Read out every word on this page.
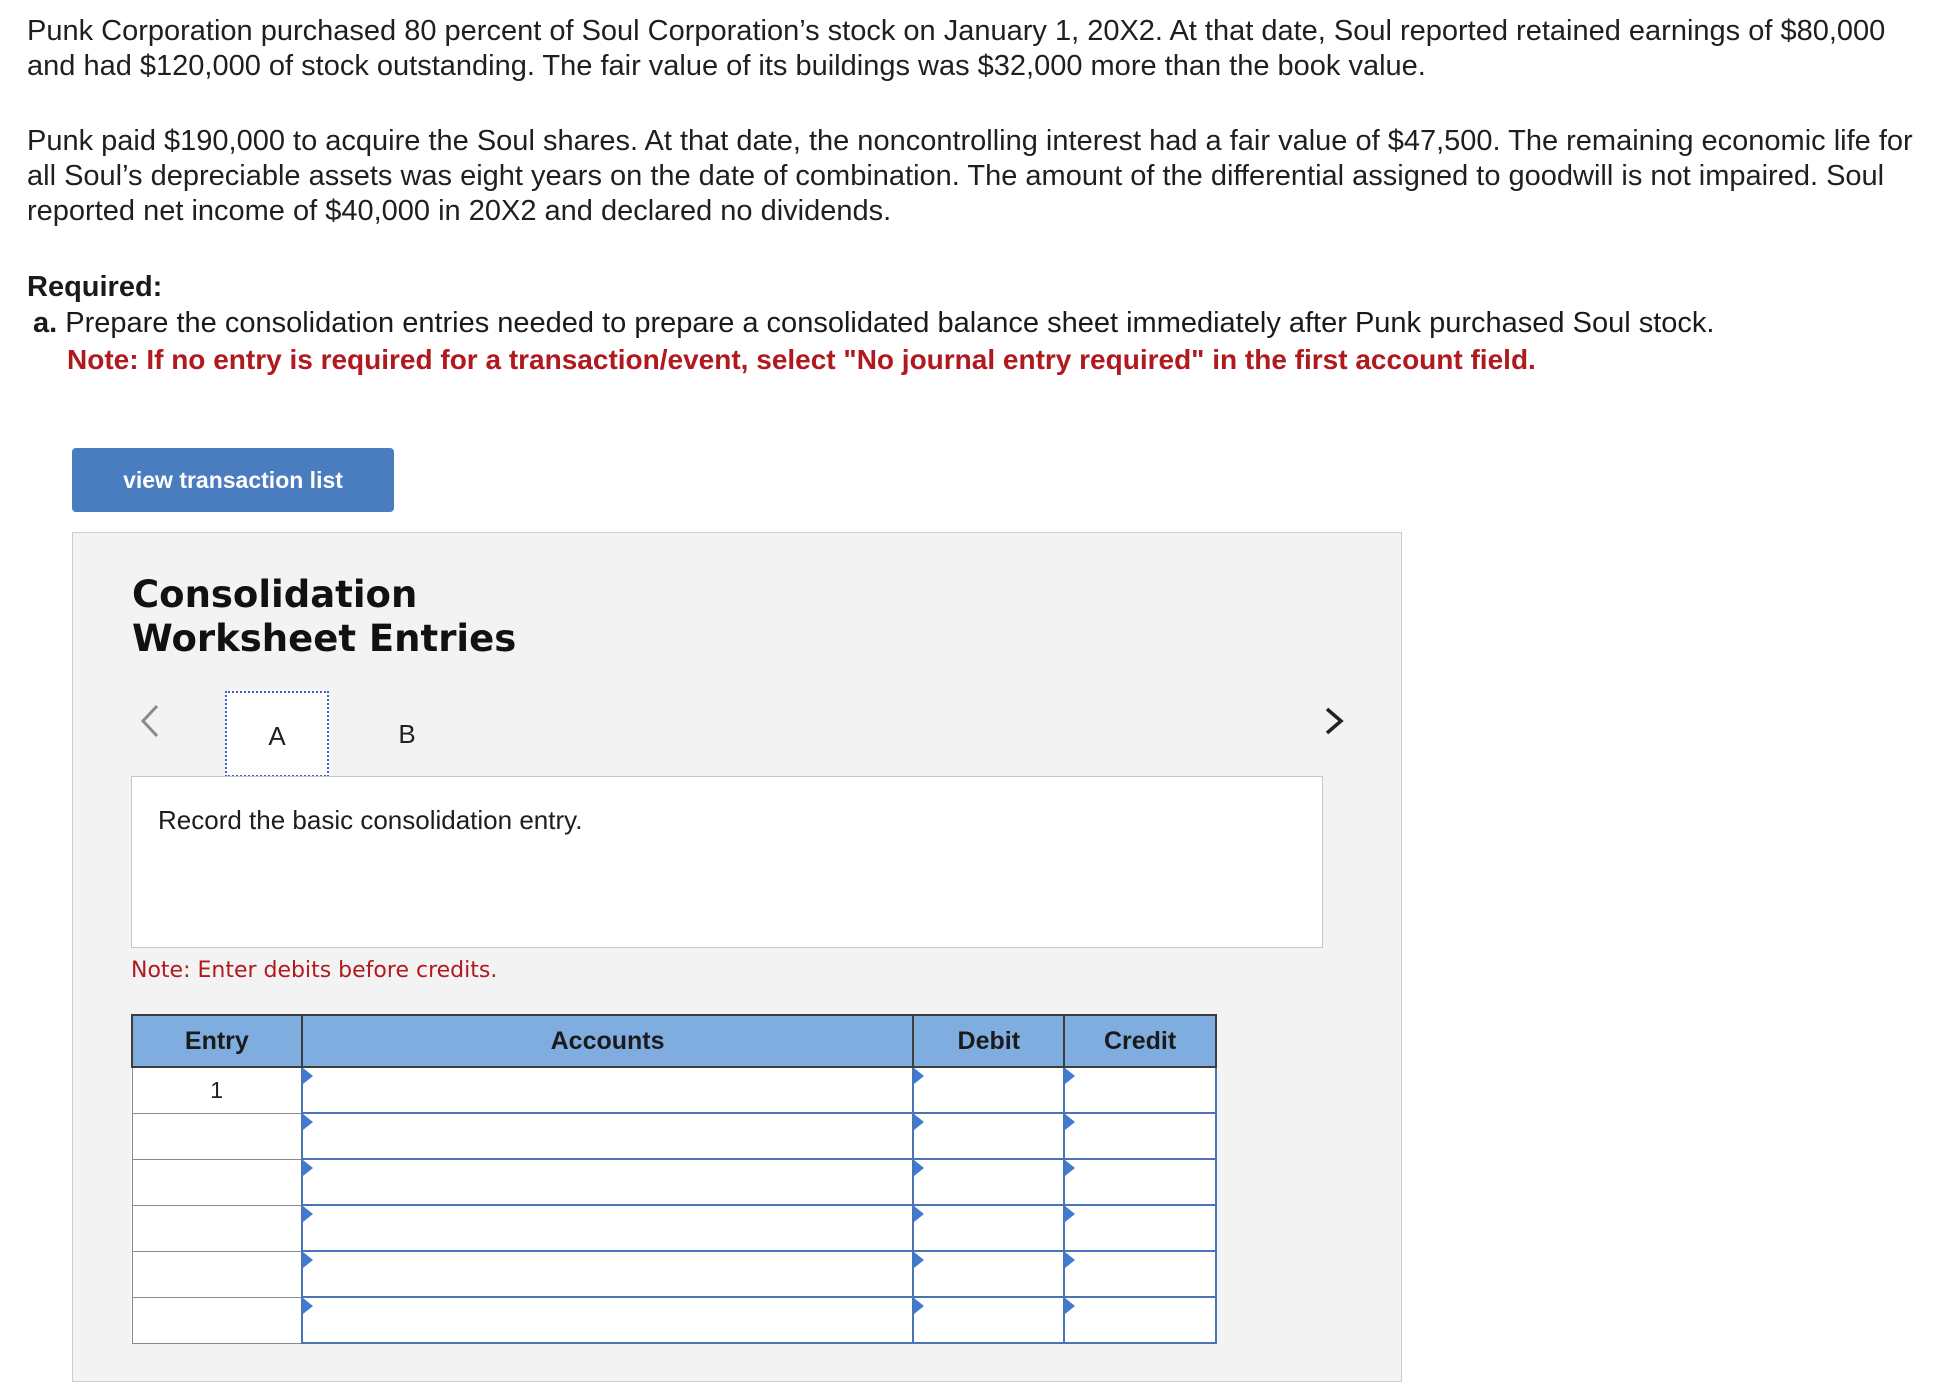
Punk Corporation purchased 80 percent of Soul Corporation’s stock on January 1, 20X2. At that date, Soul reported retained earnings of $80,000 and had $120,000 of stock outstanding. The fair value of its buildings was $32,000 more than the book value.

Punk paid $190,000 to acquire the Soul shares. At that date, the noncontrolling interest had a fair value of $47,500. The remaining economic life for all Soul’s depreciable assets was eight years on the date of combination. The amount of the differential assigned to goodwill is not impaired. Soul reported net income of $40,000 in 20X2 and declared no dividends.

Required:

a. Prepare the consolidation entries needed to prepare a consolidated balance sheet immediately after Punk purchased Soul stock.

Note: If no entry is required for a transaction/event, select "No journal entry required" in the first account field.

view transaction list
Consolidation
Worksheet Entries
A	B
Record the basic consolidation entry.
Note: Enter debits before credits.
Entry	Accounts	Debit	Credit
1	
